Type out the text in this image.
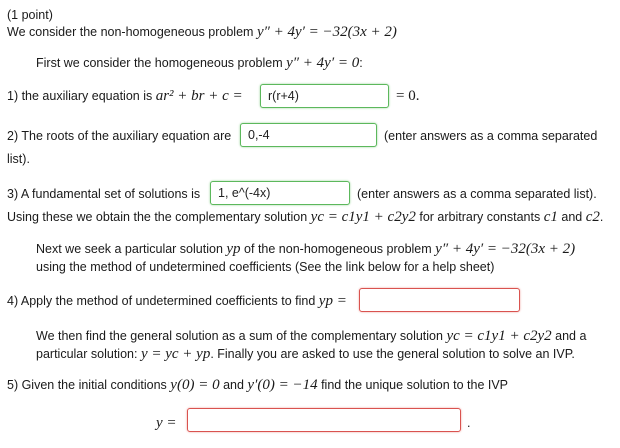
(1 point)
We consider the non-homogeneous problem y″ + 4y′ = −32(3x + 2)
First we consider the homogeneous problem y″ + 4y′ = 0:
1) the auxiliary equation is ar² + br + c =	r(r+4)	= 0.
2) The roots of the auxiliary equation are	0,-4	(enter answers as a comma separated
list).
3) A fundamental set of solutions is	1, e^(-4x)	(enter answers as a comma separated list).
Using these we obtain the the complementary solution yc = c1y1 + c2y2 for arbitrary constants c1 and c2.
Next we seek a particular solution yp of the non-homogeneous problem y″ + 4y′ = −32(3x + 2)
using the method of undetermined coefficients (See the link below for a help sheet)
4) Apply the method of undetermined coefficients to find yp =
We then find the general solution as a sum of the complementary solution yc = c1y1 + c2y2 and a
particular solution: y = yc + yp. Finally you are asked to use the general solution to solve an IVP.
5) Given the initial conditions y(0) = 0 and y′(0) = −14 find the unique solution to the IVP
y =	.
